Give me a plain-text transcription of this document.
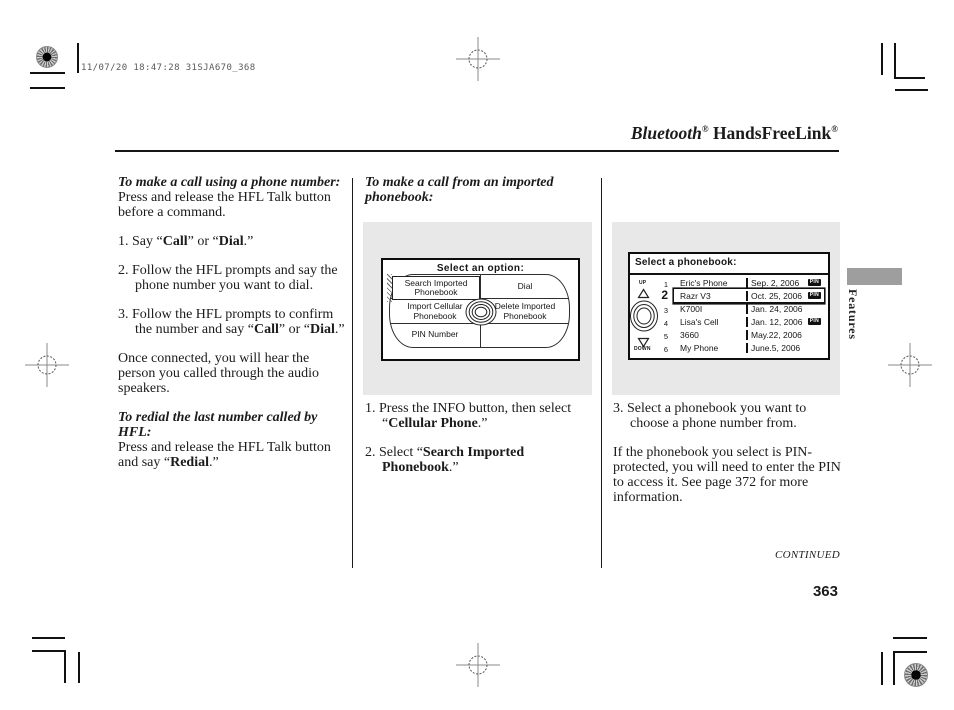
11/07/20 18:47:28 31SJA670_368
Bluetooth® HandsFreeLink®
To make a call using a phone number:

Press and release the HFL Talk button before a command.

1. Say “Call” or “Dial.”
2. Follow the HFL prompts and say the phone number you want to dial.
3. Follow the HFL prompts to confirm the number and say “Call” or “Dial.”

Once connected, you will hear the person you called through the audio speakers.

To redial the last number called by HFL:

Press and release the HFL Talk button and say “Redial.”

To make a call from an imported phonebook:
Select an option:
Search Imported Phonebook
Dial
Import Cellular Phonebook
Delete Imported Phonebook
PIN Number
1. Press the INFO button, then select “Cellular Phone.”
2. Select “Search Imported Phonebook.”
Select a phonebook:
UP
DOWN
1
2
3
4
5
6
Eric's Phone	Sep. 2, 2006	PIN
Razr V3	Oct. 25, 2006	PIN
K700I	Jan. 24, 2006
Lisa's Cell	Jan. 12, 2006	PIN
3660	May.22, 2006
My Phone	June.5, 2006
3. Select a phonebook you want to choose a phone number from.

If the phonebook you select is PIN-protected, you will need to enter the PIN to access it. See page 372 for more information.

Features
CONTINUED
363
